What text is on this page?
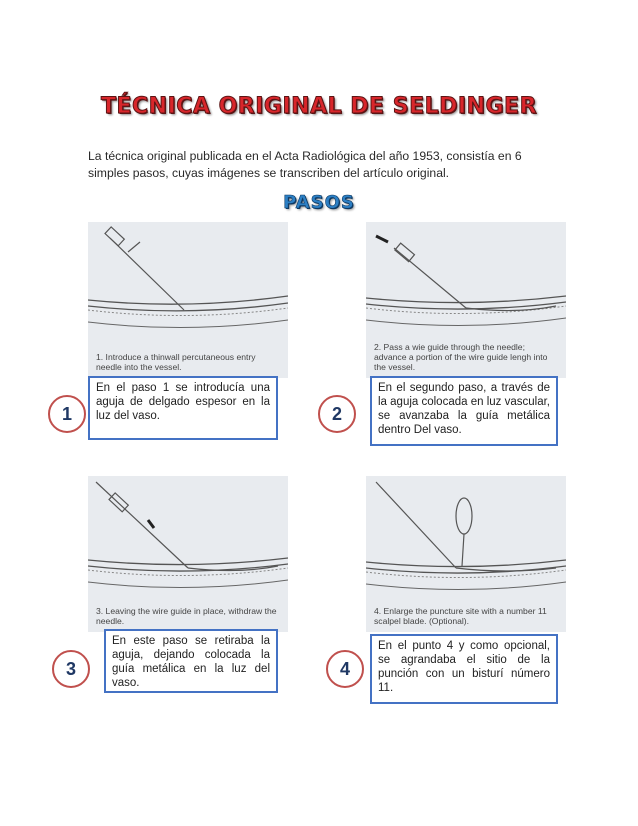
TÉCNICA ORIGINAL DE SELDINGER
La técnica original publicada en el Acta Radiológica del año 1953, consistía en 6 simples pasos, cuyas imágenes se transcriben del artículo original.
PASOS
1. Introduce a thinwall percutaneous entry needle into the vessel.
2. Pass a wie guide through the needle; advance a portion of the wire guide lengh into the vessel.
1
En el paso 1 se introducía una aguja de delgado espesor en la luz del vaso.	2
En el segundo paso, a través de la aguja colocada en luz vascular, se avanzaba la guía metálica dentro Del vaso.
3. Leaving the wire guide in place, withdraw the needle.
4. Enlarge the puncture site with a number 11 scalpel blade. (Optional).
3
En este paso se retiraba la aguja, dejando colocada la guía metálica en la luz del vaso.
4
En el punto 4 y como opcional, se agrandaba el sitio de la punción con un bisturí número 11.
